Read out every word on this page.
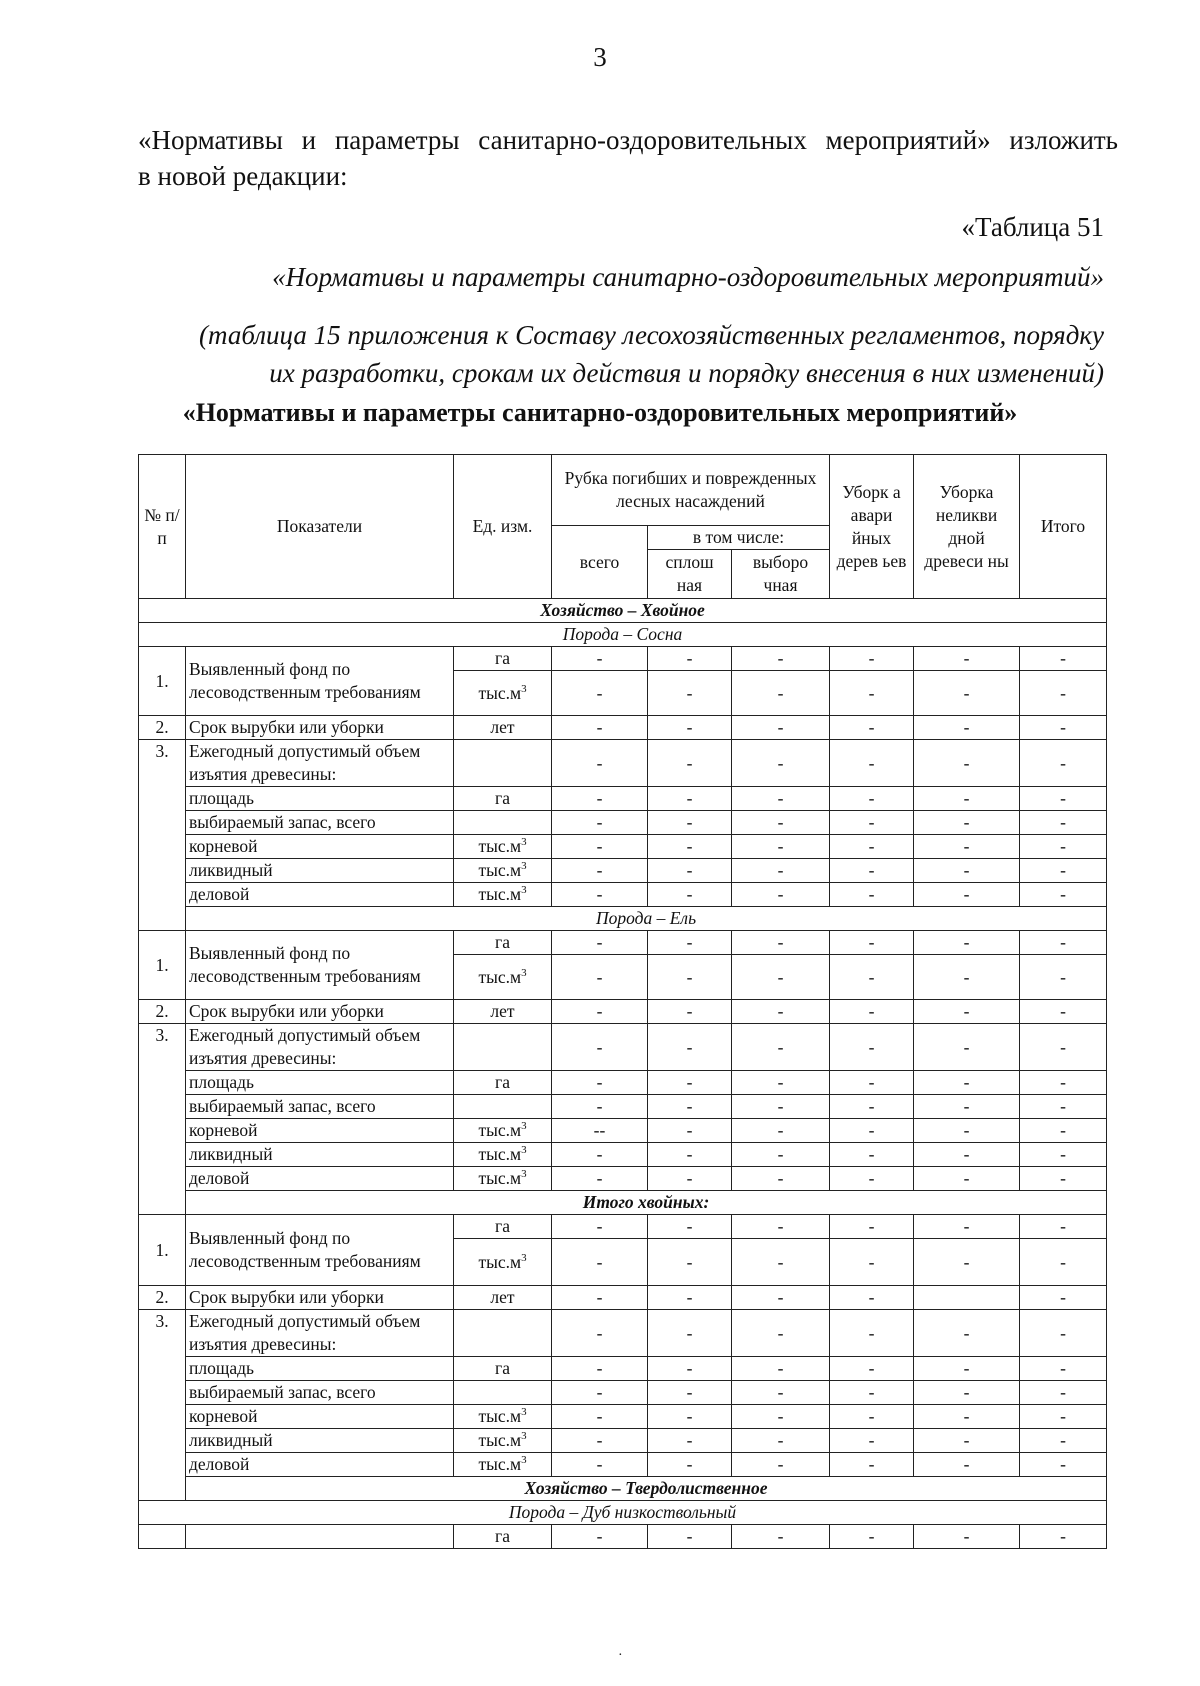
3
«Нормативы и параметры санитарно-оздоровительных мероприятий» изложить
в новой редакции:
«Таблица 51
«Нормативы и параметры санитарно-оздоровительных мероприятий»
(таблица 15 приложения к Составу лесохозяйственных регламентов, порядку
их разработки, срокам их действия и порядку внесения в них изменений)
«Нормативы и параметры санитарно-оздоровительных мероприятий»
№ п/ п	Показатели	Ед. изм.	Рубка погибших и поврежденных лесных насаждений			Уборк а авари йных дерев ьев	Уборка неликви дной древеси ны	Итого
			всего	в том числе:				
				сплош ная	выборо чная			
Хозяйство – Хвойное								
Порода – Сосна								
1.	Выявленный фонд по лесоводственным требованиям	га	-	-	-	-	-	-
		$тыс.м^3$	-	-	-	-	-	-
2.	Срок вырубки или уборки	лет	-	-	-	-	-	-
3.	Ежегодный допустимый объем изъятия древесины:		-	-	-	-	-	-
	площадь	га	-	-	-	-	-	-
	выбираемый запас, всего		-	-	-	-	-	-
	корневой	$тыс.м^3$	-	-	-	-	-	-
	ликвидный	$тыс.м^3$	-	-	-	-	-	-
	деловой	$тыс.м^3$	-	-	-	-	-	-
	Порода – Ель							
1.	Выявленный фонд по лесоводственным требованиям	га	-	-	-	-	-	-
		$тыс.м^3$	-	-	-	-	-	-
2.	Срок вырубки или уборки	лет	-	-	-	-	-	-
3.	Ежегодный допустимый объем изъятия древесины:		-	-	-	-	-	-
	площадь	га	-	-	-	-	-	-
	выбираемый запас, всего		-	-	-	-	-	-
	корневой	$тыс.м^3$	--	-	-	-	-	-
	ликвидный	$тыс.м^3$	-	-	-	-	-	-
	деловой	$тыс.м^3$	-	-	-	-	-	-
	Итого хвойных:							
1.	Выявленный фонд по лесоводственным требованиям	га	-	-	-	-	-	-
		$тыс.м^3$	-	-	-	-	-	-
2.	Срок вырубки или уборки	лет	-	-	-	-		-
3.	Ежегодный допустимый объем изъятия древесины:		-	-	-	-	-	-
	площадь	га	-	-	-	-	-	-
	выбираемый запас, всего		-	-	-	-	-	-
	корневой	$тыс.м^3$	-	-	-	-	-	-
	ликвидный	$тыс.м^3$	-	-	-	-	-	-
	деловой	$тыс.м^3$	-	-	-	-	-	-
	Хозяйство – Твердолиственное							
Порода – Дуб низкоствольный								
		га	-	-	-	-	-	-
·
